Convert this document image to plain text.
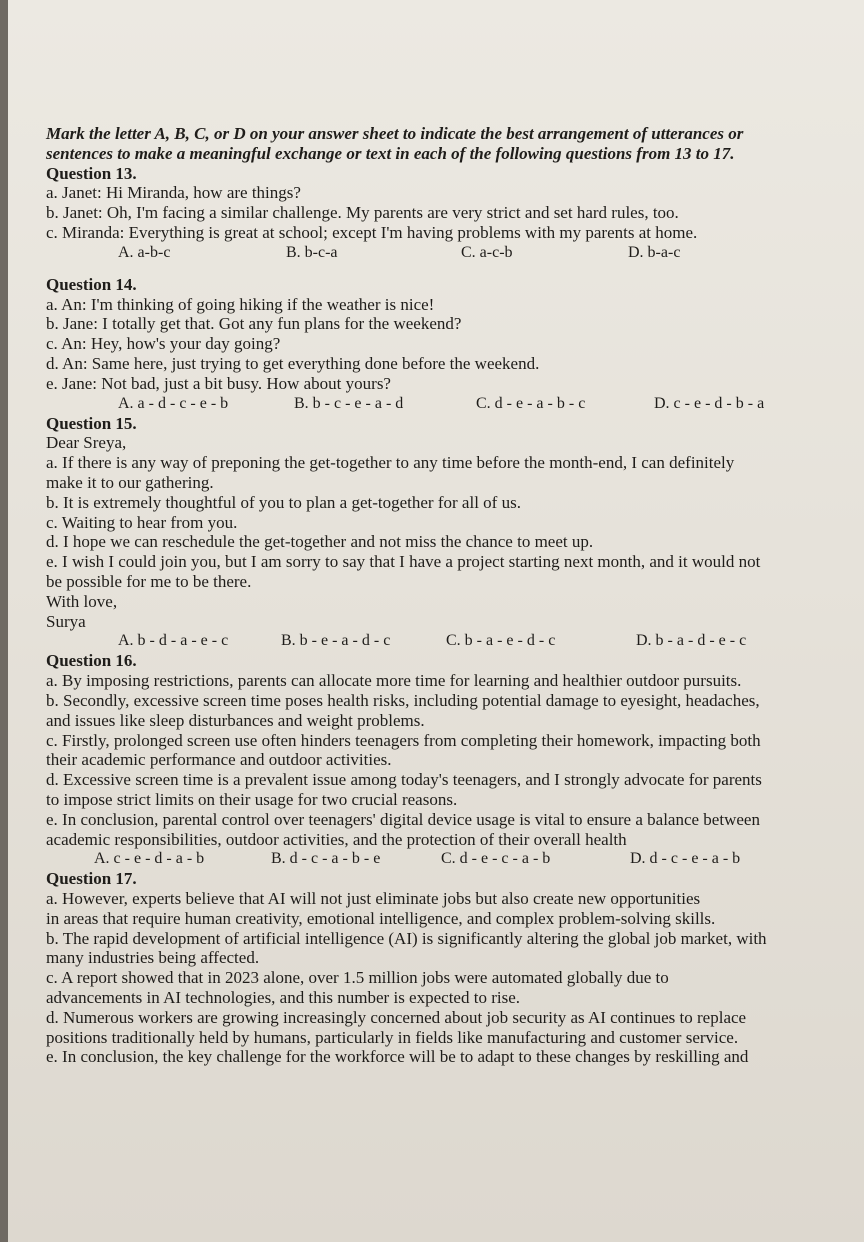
Mark the letter A, B, C, or D on your answer sheet to indicate the best arrangement of utterances or
sentences to make a meaningful exchange or text in each of the following questions from 13 to 17.
Question 13.
a. Janet: Hi Miranda, how are things?
b. Janet: Oh, I'm facing a similar challenge. My parents are very strict and set hard rules, too.
c. Miranda: Everything is great at school; except I'm having problems with my parents at home.
A. a-b-c	B. b-c-a	C. a-c-b	D. b-a-c
Question 14.
a. An: I'm thinking of going hiking if the weather is nice!
b. Jane: I totally get that. Got any fun plans for the weekend?
c. An: Hey, how's your day going?
d. An: Same here, just trying to get everything done before the weekend.
e. Jane: Not bad, just a bit busy. How about yours?
A. a - d - c - e - b	B. b - c - e - a - d	C. d - e - a - b - c	D. c - e - d - b - a
Question 15.
Dear Sreya,
a. If there is any way of preponing the get-together to any time before the month-end, I can definitely
make it to our gathering.
b. It is extremely thoughtful of you to plan a get-together for all of us.
c. Waiting to hear from you.
d. I hope we can reschedule the get-together and not miss the chance to meet up.
e. I wish I could join you, but I am sorry to say that I have a project starting next month, and it would not
be possible for me to be there.
With love,
Surya
A. b - d - a - e - c	B. b - e - a - d - c	C. b - a - e - d - c	D. b - a - d - e - c
Question 16.
a. By imposing restrictions, parents can allocate more time for learning and healthier outdoor pursuits.
b. Secondly, excessive screen time poses health risks, including potential damage to eyesight, headaches,
and issues like sleep disturbances and weight problems.
c. Firstly, prolonged screen use often hinders teenagers from completing their homework, impacting both
their academic performance and outdoor activities.
d. Excessive screen time is a prevalent issue among today's teenagers, and I strongly advocate for parents
to impose strict limits on their usage for two crucial reasons.
e. In conclusion, parental control over teenagers' digital device usage is vital to ensure a balance between
academic responsibilities, outdoor activities, and the protection of their overall health
A. c - e - d - a - b	B. d - c - a - b - e	C. d - e - c - a - b	D. d - c - e - a - b
Question 17.
a. However, experts believe that AI will not just eliminate jobs but also create new opportunities
in areas that require human creativity, emotional intelligence, and complex problem-solving skills.
b. The rapid development of artificial intelligence (AI) is significantly altering the global job market, with
many industries being affected.
c. A report showed that in 2023 alone, over 1.5 million jobs were automated globally due to
advancements in AI technologies, and this number is expected to rise.
d. Numerous workers are growing increasingly concerned about job security as AI continues to replace
positions traditionally held by humans, particularly in fields like manufacturing and customer service.
e. In conclusion, the key challenge for the workforce will be to adapt to these changes by reskilling and
